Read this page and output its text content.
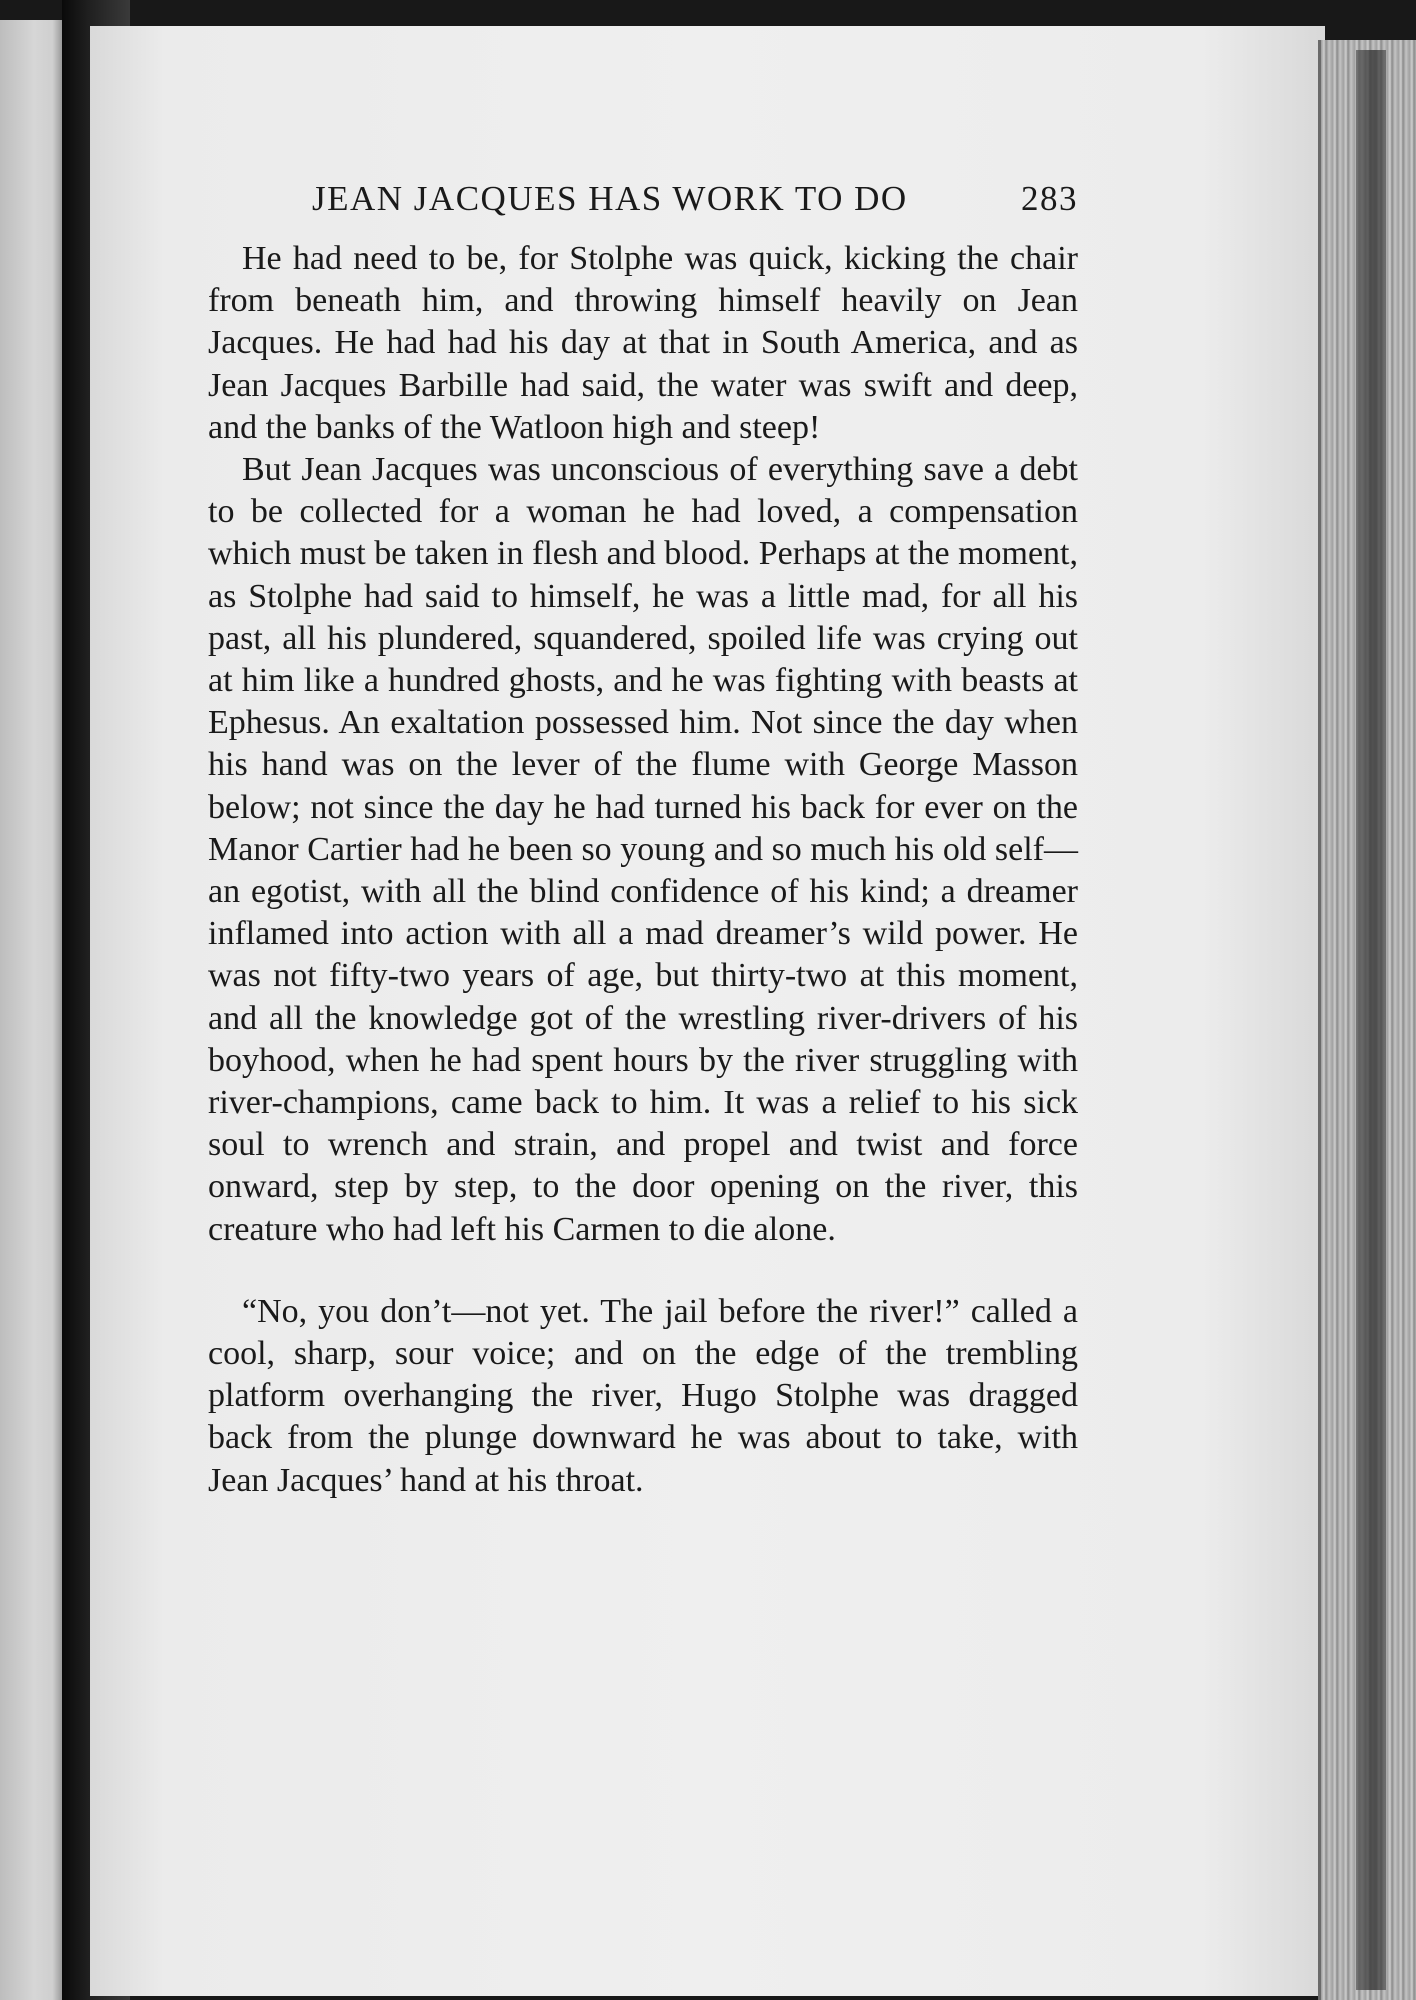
JEAN JACQUES HAS WORK TO DO	283

He had need to be, for Stolphe was quick, kicking the chair from beneath him, and throwing himself heavily on Jean Jacques. He had had his day at that in South America, and as Jean Jacques Barbille had said, the water was swift and deep, and the banks of the Watloon high and steep!

But Jean Jacques was unconscious of everything save a debt to be collected for a woman he had loved, a compensation which must be taken in flesh and blood. Perhaps at the moment, as Stolphe had said to himself, he was a little mad, for all his past, all his plundered, squandered, spoiled life was crying out at him like a hundred ghosts, and he was fighting with beasts at Ephesus. An exaltation possessed him. Not since the day when his hand was on the lever of the flume with George Masson below; not since the day he had turned his back for ever on the Manor Cartier had he been so young and so much his old self—an egotist, with all the blind confidence of his kind; a dreamer inflamed into action with all a mad dreamer’s wild power. He was not fifty-two years of age, but thirty-two at this moment, and all the knowledge got of the wrestling river-drivers of his boyhood, when he had spent hours by the river struggling with river-champions, came back to him. It was a relief to his sick soul to wrench and strain, and propel and twist and force onward, step by step, to the door opening on the river, this creature who had left his Carmen to die alone.

“No, you don’t—not yet. The jail before the river!” called a cool, sharp, sour voice; and on the edge of the trembling platform overhanging the river, Hugo Stolphe was dragged back from the plunge downward he was about to take, with Jean Jacques’ hand at his throat.
